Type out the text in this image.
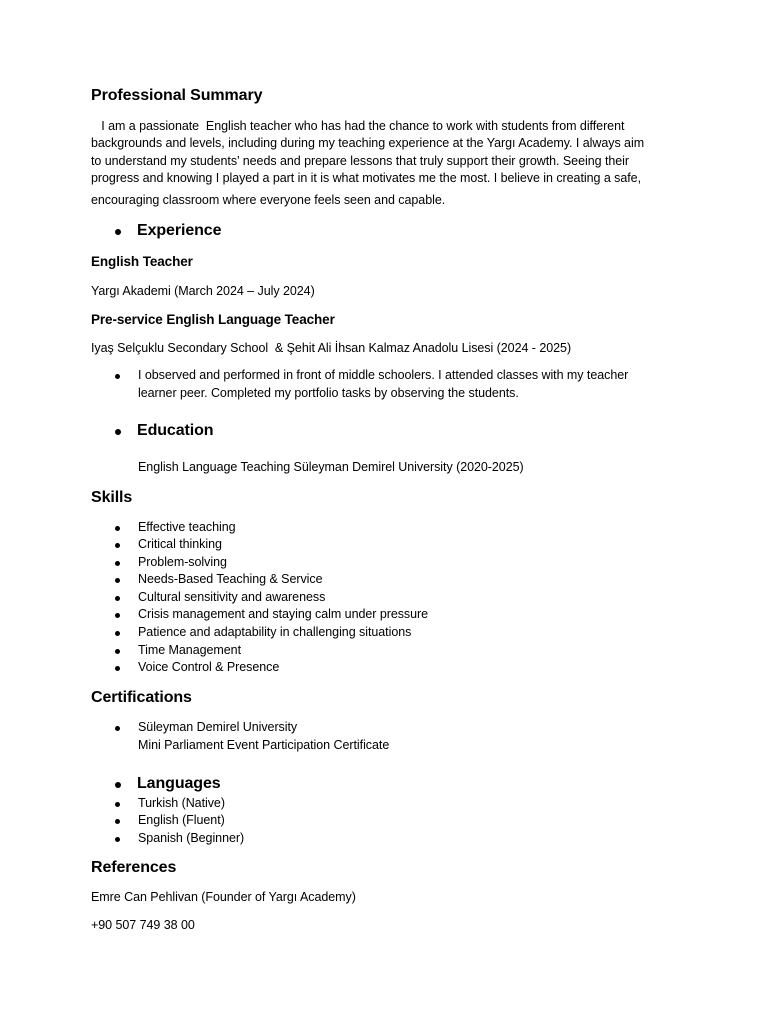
Professional Summary
I am a passionate  English teacher who has had the chance to work with students from different
backgrounds and levels, including during my teaching experience at the Yargı Academy. I always aim
to understand my students’ needs and prepare lessons that truly support their growth. Seeing their
progress and knowing I played a part in it is what motivates me the most. I believe in creating a safe,
encouraging classroom where everyone feels seen and capable.
Experience
English Teacher
Yargı Akademi (March 2024 – July 2024)
Pre-service English Language Teacher
Iyaş Selçuklu Secondary School  & Şehit Ali İhsan Kalmaz Anadolu Lisesi (2024 - 2025)
I observed and performed in front of middle schoolers. I attended classes with my teacher
learner peer. Completed my portfolio tasks by observing the students.
Education
English Language Teaching Süleyman Demirel University (2020-2025)
Skills
Effective teaching
Critical thinking
Problem-solving
Needs-Based Teaching & Service
Cultural sensitivity and awareness
Crisis management and staying calm under pressure
Patience and adaptability in challenging situations
Time Management
Voice Control & Presence
Certifications
Süleyman Demirel University
Mini Parliament Event Participation Certificate
Languages
Turkish (Native)
English (Fluent)
Spanish (Beginner)
References
Emre Can Pehlivan (Founder of Yargı Academy)
+90 507 749 38 00
